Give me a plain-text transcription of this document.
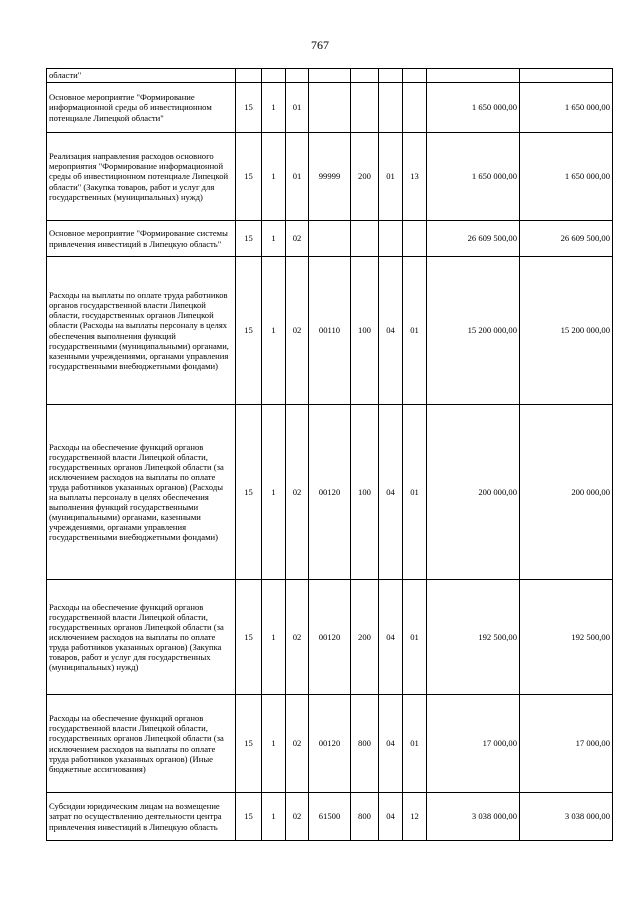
767
области"									
Основное мероприятие "Формирование информационной среды об инвестиционном потенциале Липецкой области"	15	1	01					1 650 000,00	1 650 000,00
Реализация направления расходов основного мероприятия "Формирование информационной среды об инвестиционном потенциале Липецкой области" (Закупка товаров, работ и услуг для государственных (муниципальных) нужд)	15	1	01	99999	200	01	13	1 650 000,00	1 650 000,00
Основное мероприятие "Формирование системы привлечения инвестиций в Липецкую область"	15	1	02					26 609 500,00	26 609 500,00
Расходы на выплаты по оплате труда работников органов государственной власти Липецкой области, государственных органов Липецкой области (Расходы на выплаты персоналу в целях обеспечения выполнения функций государственными (муниципальными) органами, казенными учреждениями, органами управления государственными внебюджетными фондами)	15	1	02	00110	100	04	01	15 200 000,00	15 200 000,00
Расходы на обеспечение функций органов государственной власти Липецкой области, государственных органов Липецкой области (за исключением расходов на выплаты по оплате труда работников указанных органов) (Расходы на выплаты персоналу в целях обеспечения выполнения функций государственными (муниципальными) органами, казенными учреждениями, органами управления государственными внебюджетными фондами)	15	1	02	00120	100	04	01	200 000,00	200 000,00
Расходы на обеспечение функций органов государственной власти Липецкой области, государственных органов Липецкой области (за исключением расходов на выплаты по оплате труда работников указанных органов) (Закупка товаров, работ и услуг для государственных (муниципальных) нужд)	15	1	02	00120	200	04	01	192 500,00	192 500,00
Расходы на обеспечение функций органов государственной власти Липецкой области, государственных органов Липецкой области (за исключением расходов на выплаты по оплате труда работников указанных органов) (Иные бюджетные ассигнования)	15	1	02	00120	800	04	01	17 000,00	17 000,00
Субсидии юридическим лицам на возмещение затрат по осуществлению деятельности центра привлечения инвестиций в Липецкую область	15	1	02	61500	800	04	12	3 038 000,00	3 038 000,00
